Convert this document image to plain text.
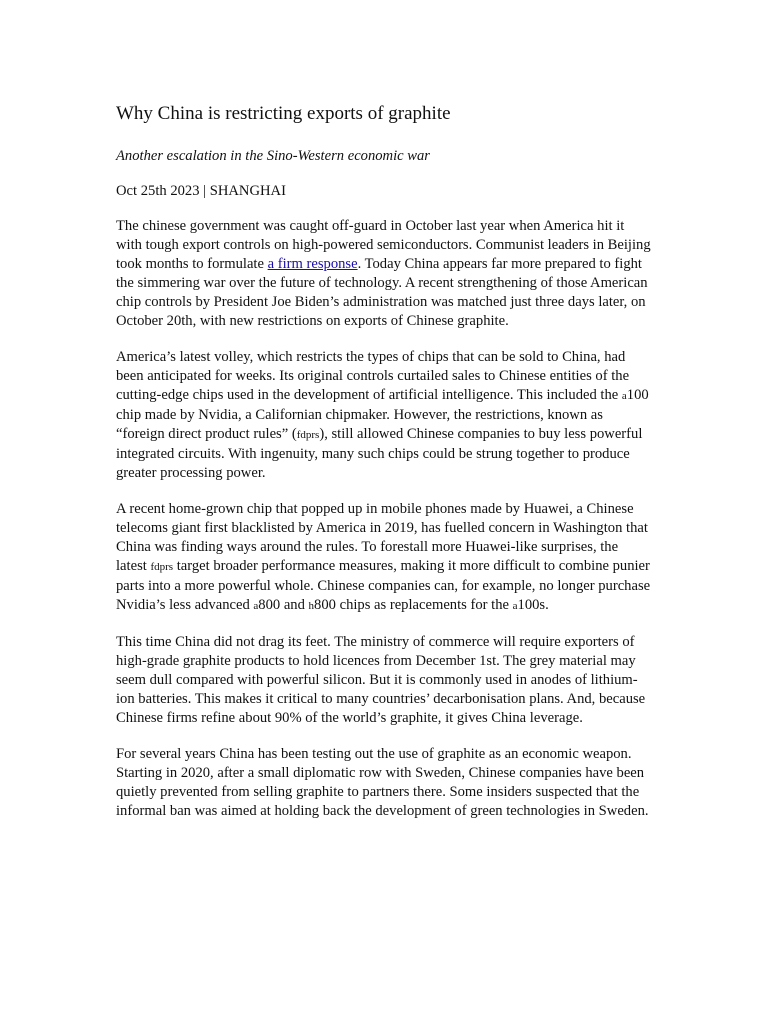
Why China is restricting exports of graphite
Another escalation in the Sino-Western economic war
Oct 25th 2023 | SHANGHAI

The chinese government was caught off-guard in October last year when America hit it with tough export controls on high-powered semiconductors. Communist leaders in Beijing took months to formulate a firm response. Today China appears far more prepared to fight the simmering war over the future of technology. A recent strengthening of those American chip controls by President Joe Biden’s administration was matched just three days later, on October 20th, with new restrictions on exports of Chinese graphite.

America’s latest volley, which restricts the types of chips that can be sold to China, had been anticipated for weeks. Its original controls curtailed sales to Chinese entities of the cutting-edge chips used in the development of artificial intelligence. This included the a100 chip made by Nvidia, a Californian chipmaker. However, the restrictions, known as “foreign direct product rules” (fdprs), still allowed Chinese companies to buy less powerful integrated circuits. With ingenuity, many such chips could be strung together to produce greater processing power.

A recent home-grown chip that popped up in mobile phones made by Huawei, a Chinese telecoms giant first blacklisted by America in 2019, has fuelled concern in Washington that China was finding ways around the rules. To forestall more Huawei-like surprises, the latest fdprs target broader performance measures, making it more difficult to combine punier parts into a more powerful whole. Chinese companies can, for example, no longer purchase Nvidia’s less advanced a800 and h800 chips as replacements for the a100s.

This time China did not drag its feet. The ministry of commerce will require exporters of high-grade graphite products to hold licences from December 1st. The grey material may seem dull compared with powerful silicon. But it is commonly used in anodes of lithium-ion batteries. This makes it critical to many countries’ decarbonisation plans. And, because Chinese firms refine about 90% of the world’s graphite, it gives China leverage.

For several years China has been testing out the use of graphite as an economic weapon. Starting in 2020, after a small diplomatic row with Sweden, Chinese companies have been quietly prevented from selling graphite to partners there. Some insiders suspected that the informal ban was aimed at holding back the development of green technologies in Sweden.
